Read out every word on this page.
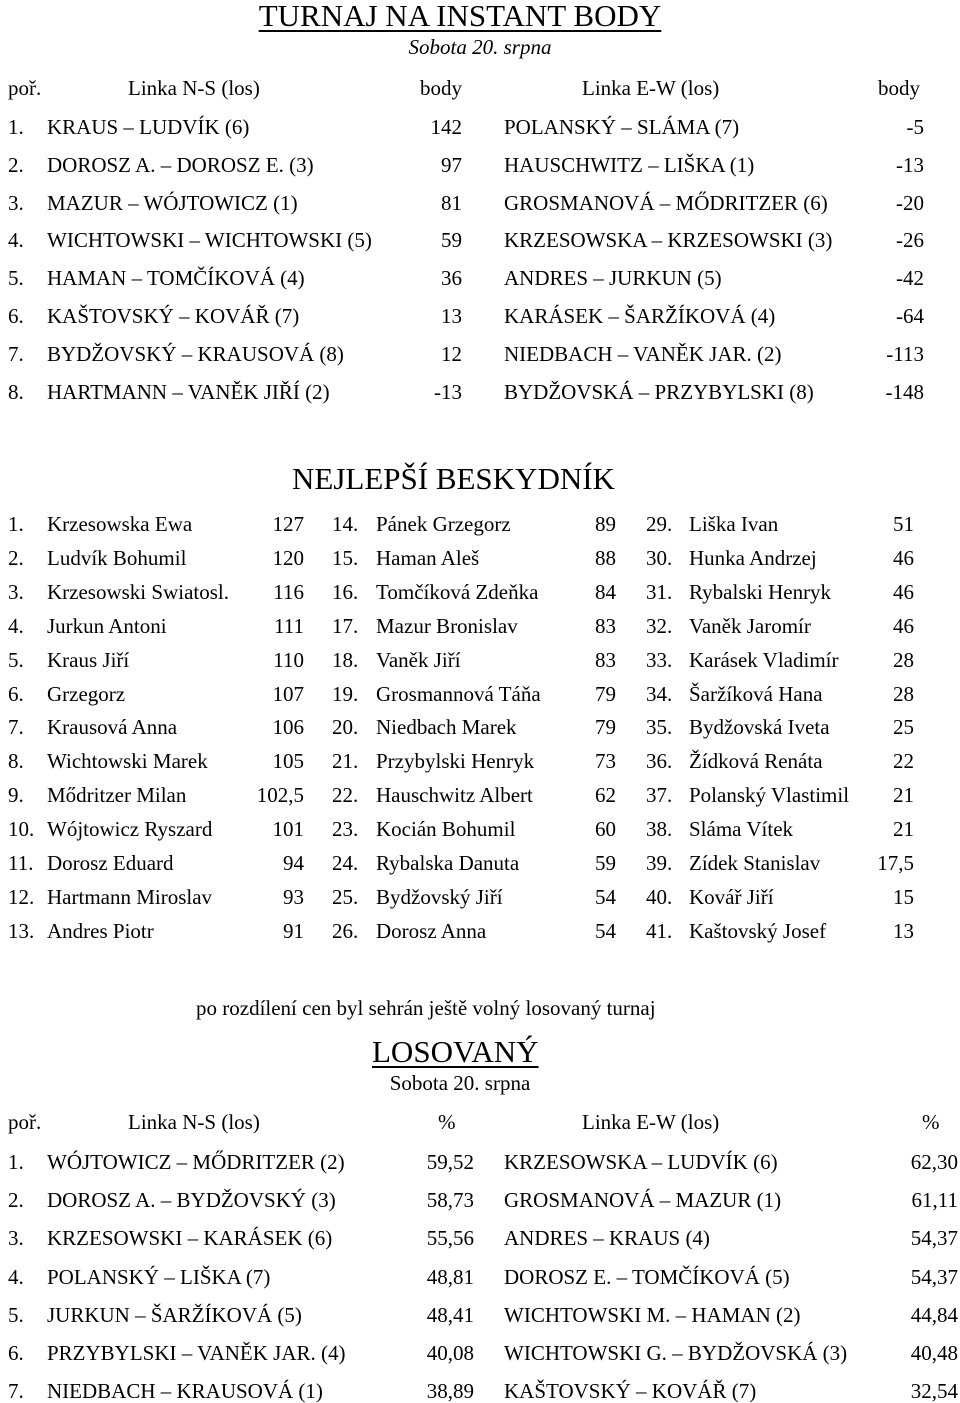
TURNAJ NA INSTANT BODY
Sobota 20. srpna
poř.	Linka N-S (los)	body	Linka E-W (los)	body
1. KRAUS – LUDVÍK (6)	142 POLANSKÝ – SLÁMA (7)	-5
2. DOROSZ A. – DOROSZ E. (3)	97 HAUSCHWITZ – LIŠKA (1)	-13
3. MAZUR – WÓJTOWICZ (1)	81 GROSMANOVÁ – MŐDRITZER (6)	-20
4. WICHTOWSKI – WICHTOWSKI (5)	59 KRZESOWSKA – KRZESOWSKI (3)	-26
5. HAMAN – TOMČÍKOVÁ (4)	36 ANDRES – JURKUN (5)	-42
6. KAŠTOVSKÝ – KOVÁŘ (7)	13 KARÁSEK – ŠARŽÍKOVÁ (4)	-64
7. BYDŽOVSKÝ – KRAUSOVÁ (8)	12 NIEDBACH – VANĚK JAR. (2)	-113
8. HARTMANN – VANĚK JIŘÍ (2)	-13 BYDŽOVSKÁ – PRZYBYLSKI (8)	-148
NEJLEPŠÍ BESKYDNÍK
1. Krzesowska Ewa	127
2. Ludvík Bohumil	120
3. Krzesowski Swiatosl.	116
4. Jurkun Antoni	111
5. Kraus Jiří	110
6. Grzegorz	107
7. Krausová Anna	106
8. Wichtowski Marek	105
9. Mődritzer Milan	102,5
10. Wójtowicz Ryszard	101
11. Dorosz Eduard	94
12. Hartmann Miroslav	93
13. Andres Piotr	91
14. Pánek Grzegorz	89
15. Haman Aleš	88
16. Tomčíková Zdeňka	84
17. Mazur Bronislav	83
18. Vaněk Jiří	83
19. Grosmannová Táňa	79
20. Niedbach Marek	79
21. Przybylski Henryk	73
22. Hauschwitz Albert	62
23. Kocián Bohumil	60
24. Rybalska Danuta	59
25. Bydžovský Jiří	54
26. Dorosz Anna	54
29. Liška Ivan	51
30. Hunka Andrzej	46
31. Rybalski Henryk	46
32. Vaněk Jaromír	46
33. Karásek Vladimír	28
34. Šaržíková Hana	28
35. Bydžovská Iveta	25
36. Žídková Renáta	22
37. Polanský Vlastimil	21
38. Sláma Vítek	21
39. Zídek Stanislav	17,5
40. Kovář Jiří	15
41. Kaštovský Josef	13
po rozdílení cen byl sehrán ještě volný losovaný turnaj
LOSOVANÝ
Sobota 20. srpna
poř.	Linka N-S (los)	%	Linka E-W (los)	%
1. WÓJTOWICZ – MŐDRITZER (2)	59,52 KRZESOWSKA – LUDVÍK (6)	62,30
2. DOROSZ A. – BYDŽOVSKÝ (3)	58,73 GROSMANOVÁ – MAZUR (1)	61,11
3. KRZESOWSKI – KARÁSEK (6)	55,56 ANDRES – KRAUS (4)	54,37
4. POLANSKÝ – LIŠKA (7)	48,81 DOROSZ E. – TOMČÍKOVÁ (5)	54,37
5. JURKUN – ŠARŽÍKOVÁ (5)	48,41 WICHTOWSKI M. – HAMAN (2)	44,84
6. PRZYBYLSKI – VANĚK JAR. (4)	40,08 WICHTOWSKI G. – BYDŽOVSKÁ (3)	40,48
7. NIEDBACH – KRAUSOVÁ (1)	38,89 KAŠTOVSKÝ – KOVÁŘ (7)	32,54
